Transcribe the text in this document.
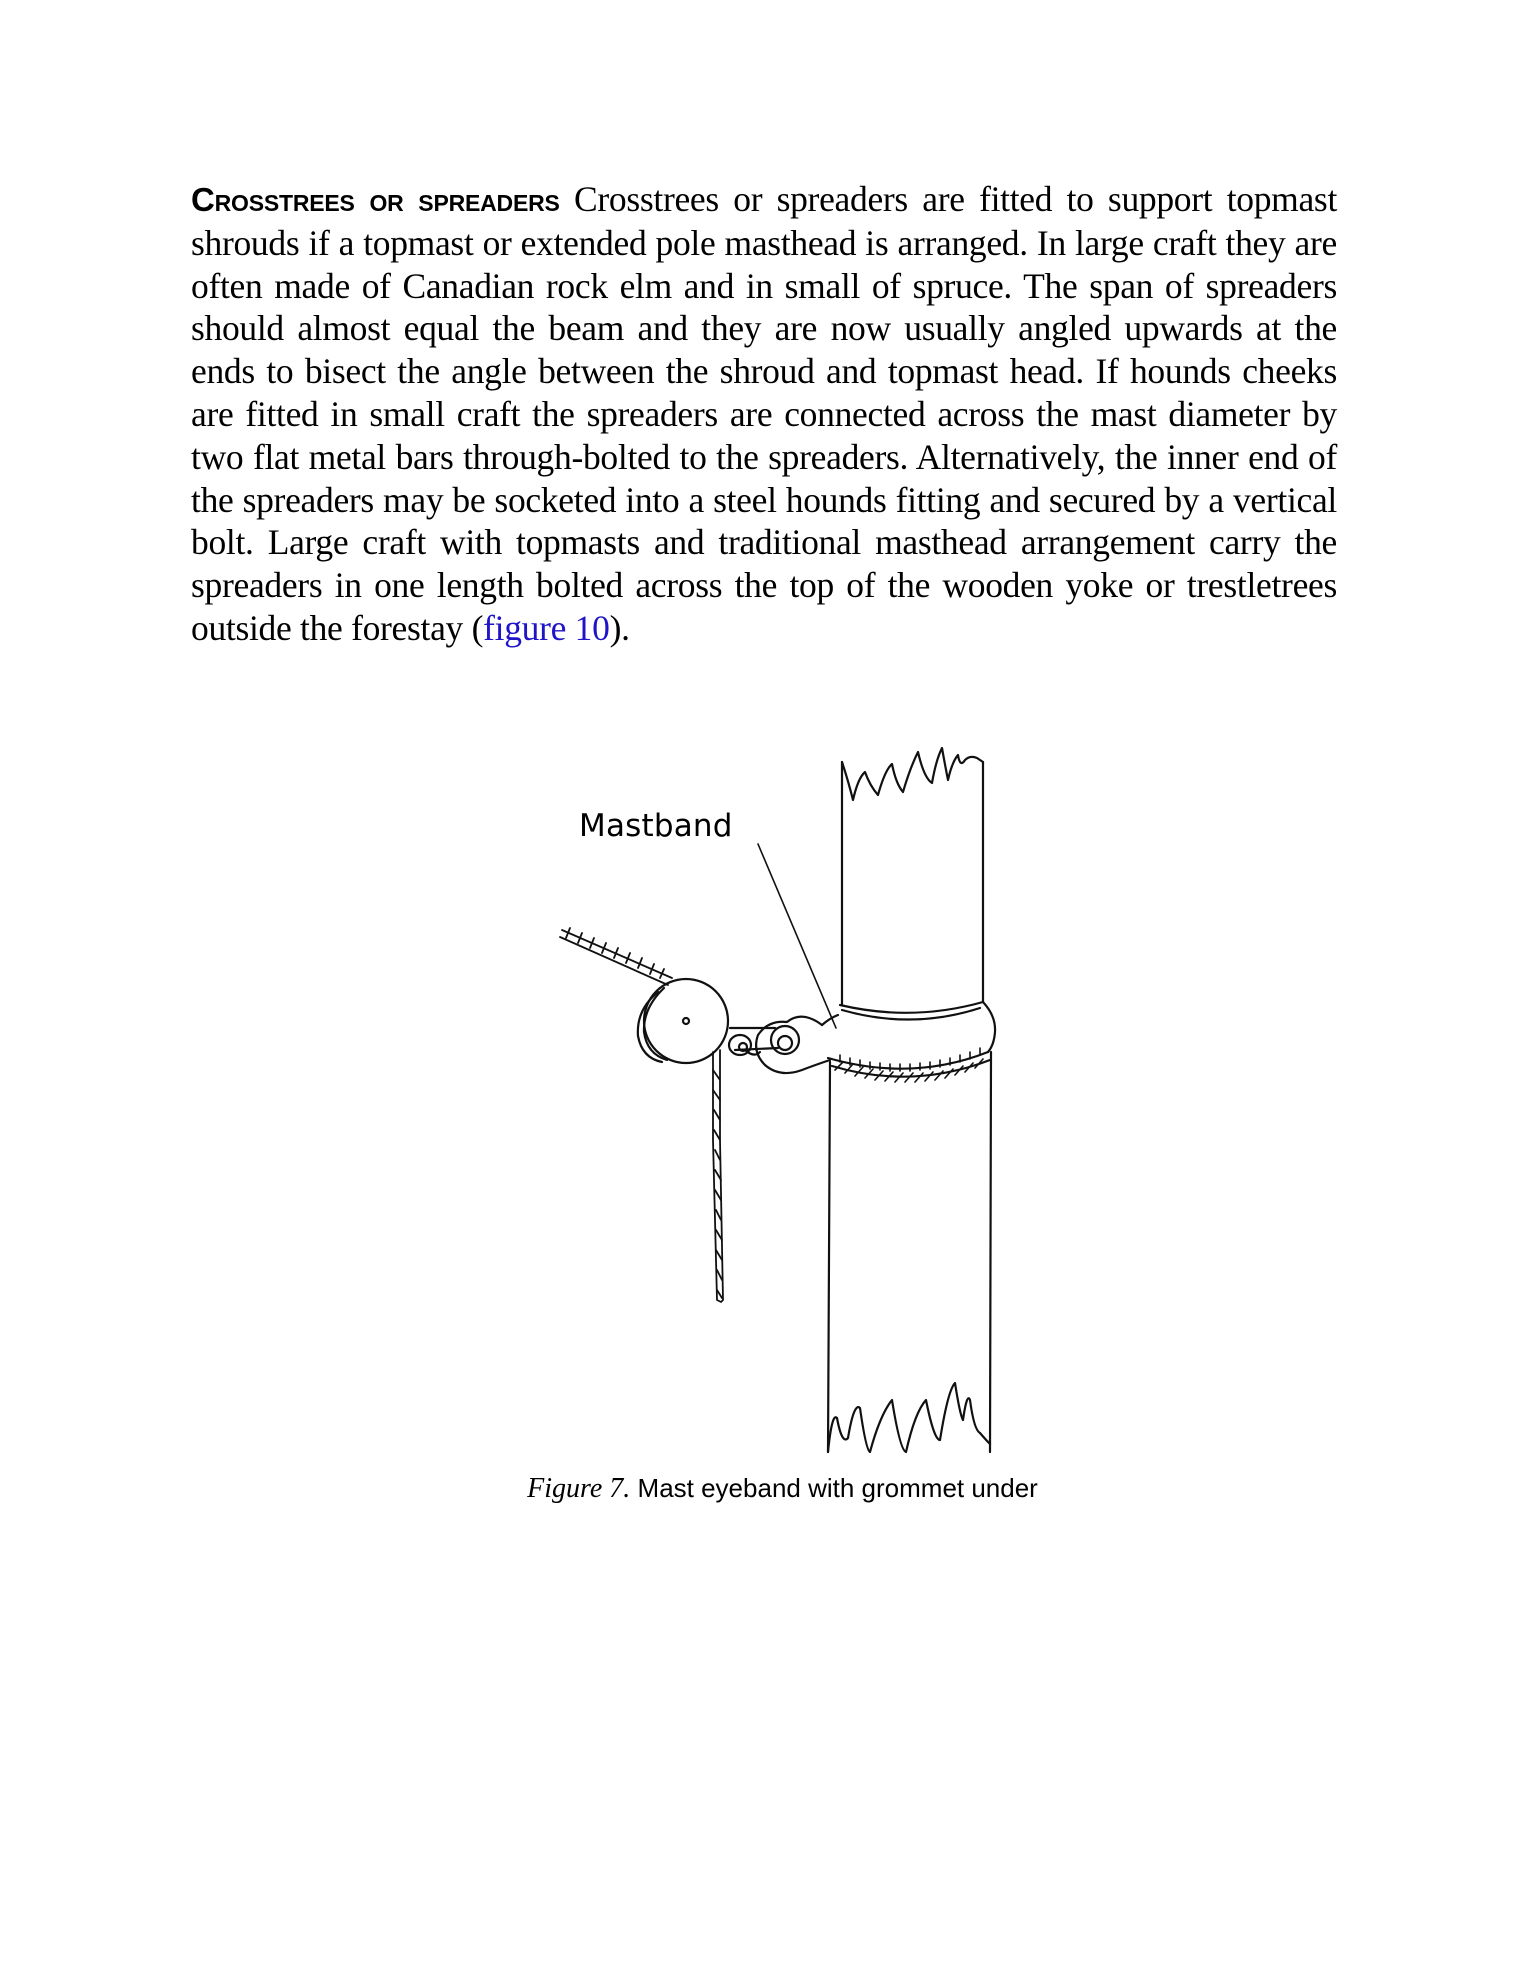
Crosstrees or spreaders Crosstrees or spreaders are fitted to support topmast shrouds if a topmast or extended pole masthead is arranged. In large craft they are often made of Canadian rock elm and in small of spruce. The span of spreaders should almost equal the beam and they are now usually angled upwards at the ends to bisect the angle between the shroud and topmast head. If hounds cheeks are fitted in small craft the spreaders are connected across the mast diameter by two flat metal bars through-bolted to the spreaders. Alternatively, the inner end of the spreaders may be socketed into a steel hounds fitting and secured by a vertical bolt. Large craft with topmasts and traditional masthead arrangement carry the spreaders in one length bolted across the top of the wooden yoke or trestletrees outside the forestay (figure 10).

Mastband
Figure 7. Mast eyeband with grommet under
